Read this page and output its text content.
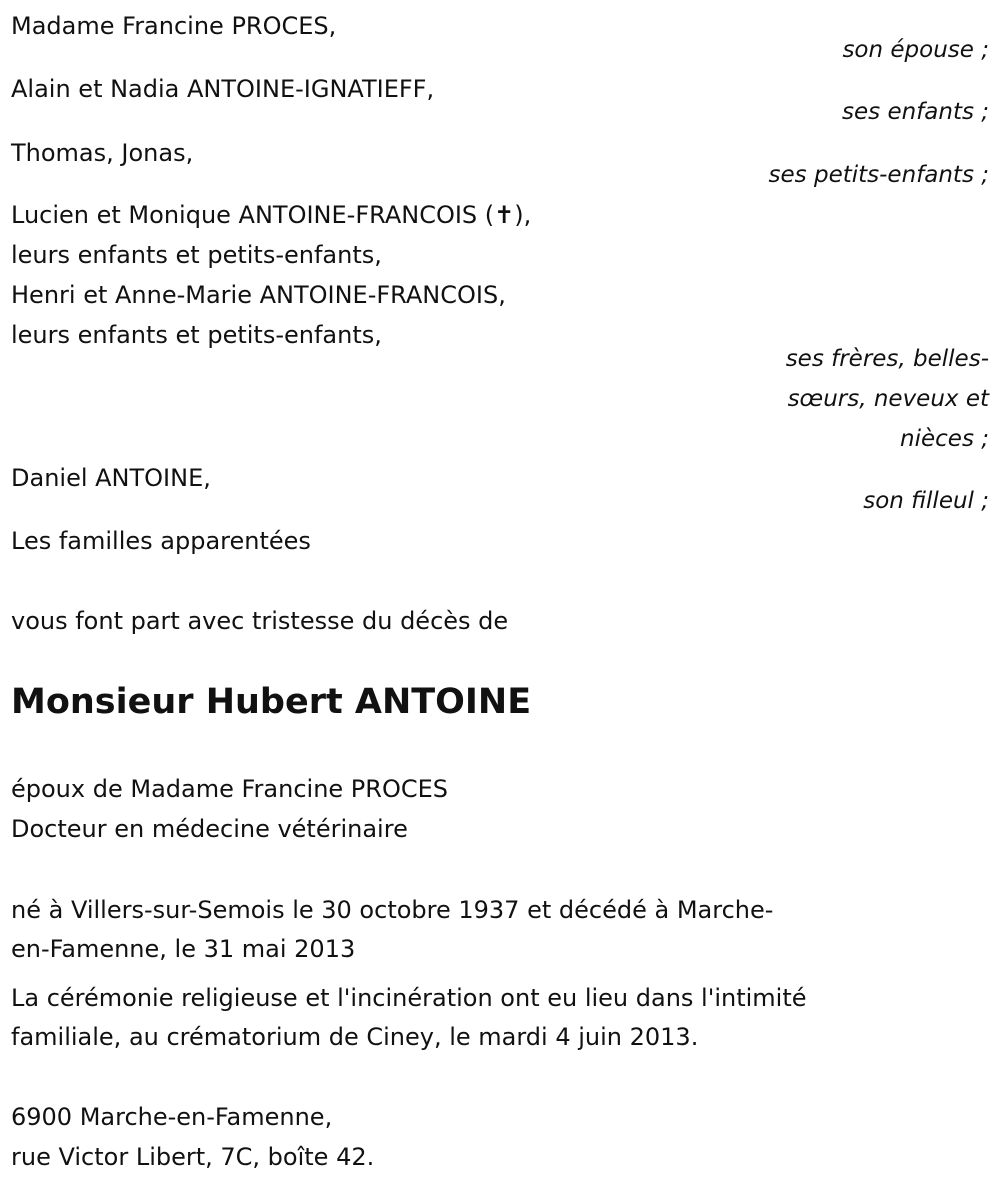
Madame Francine PROCES,
son épouse ;
Alain et Nadia ANTOINE-IGNATIEFF,
ses enfants ;
Thomas, Jonas,
ses petits-enfants ;
Lucien et Monique ANTOINE-FRANCOIS (✝),
leurs enfants et petits-enfants,
Henri et Anne-Marie ANTOINE-FRANCOIS,
leurs enfants et petits-enfants,
ses frères, belles-
sœurs, neveux et
nièces ;
Daniel ANTOINE,
son filleul ;
Les familles apparentées
vous font part avec tristesse du décès de
Monsieur Hubert ANTOINE
époux de Madame Francine PROCES
Docteur en médecine vétérinaire
né à Villers-sur-Semois le 30 octobre 1937 et décédé à Marche-
en-Famenne, le 31 mai 2013
La cérémonie religieuse et l'incinération ont eu lieu dans l'intimité
familiale, au crématorium de Ciney, le mardi 4 juin 2013.
6900 Marche-en-Famenne,
rue Victor Libert, 7C, boîte 42.
